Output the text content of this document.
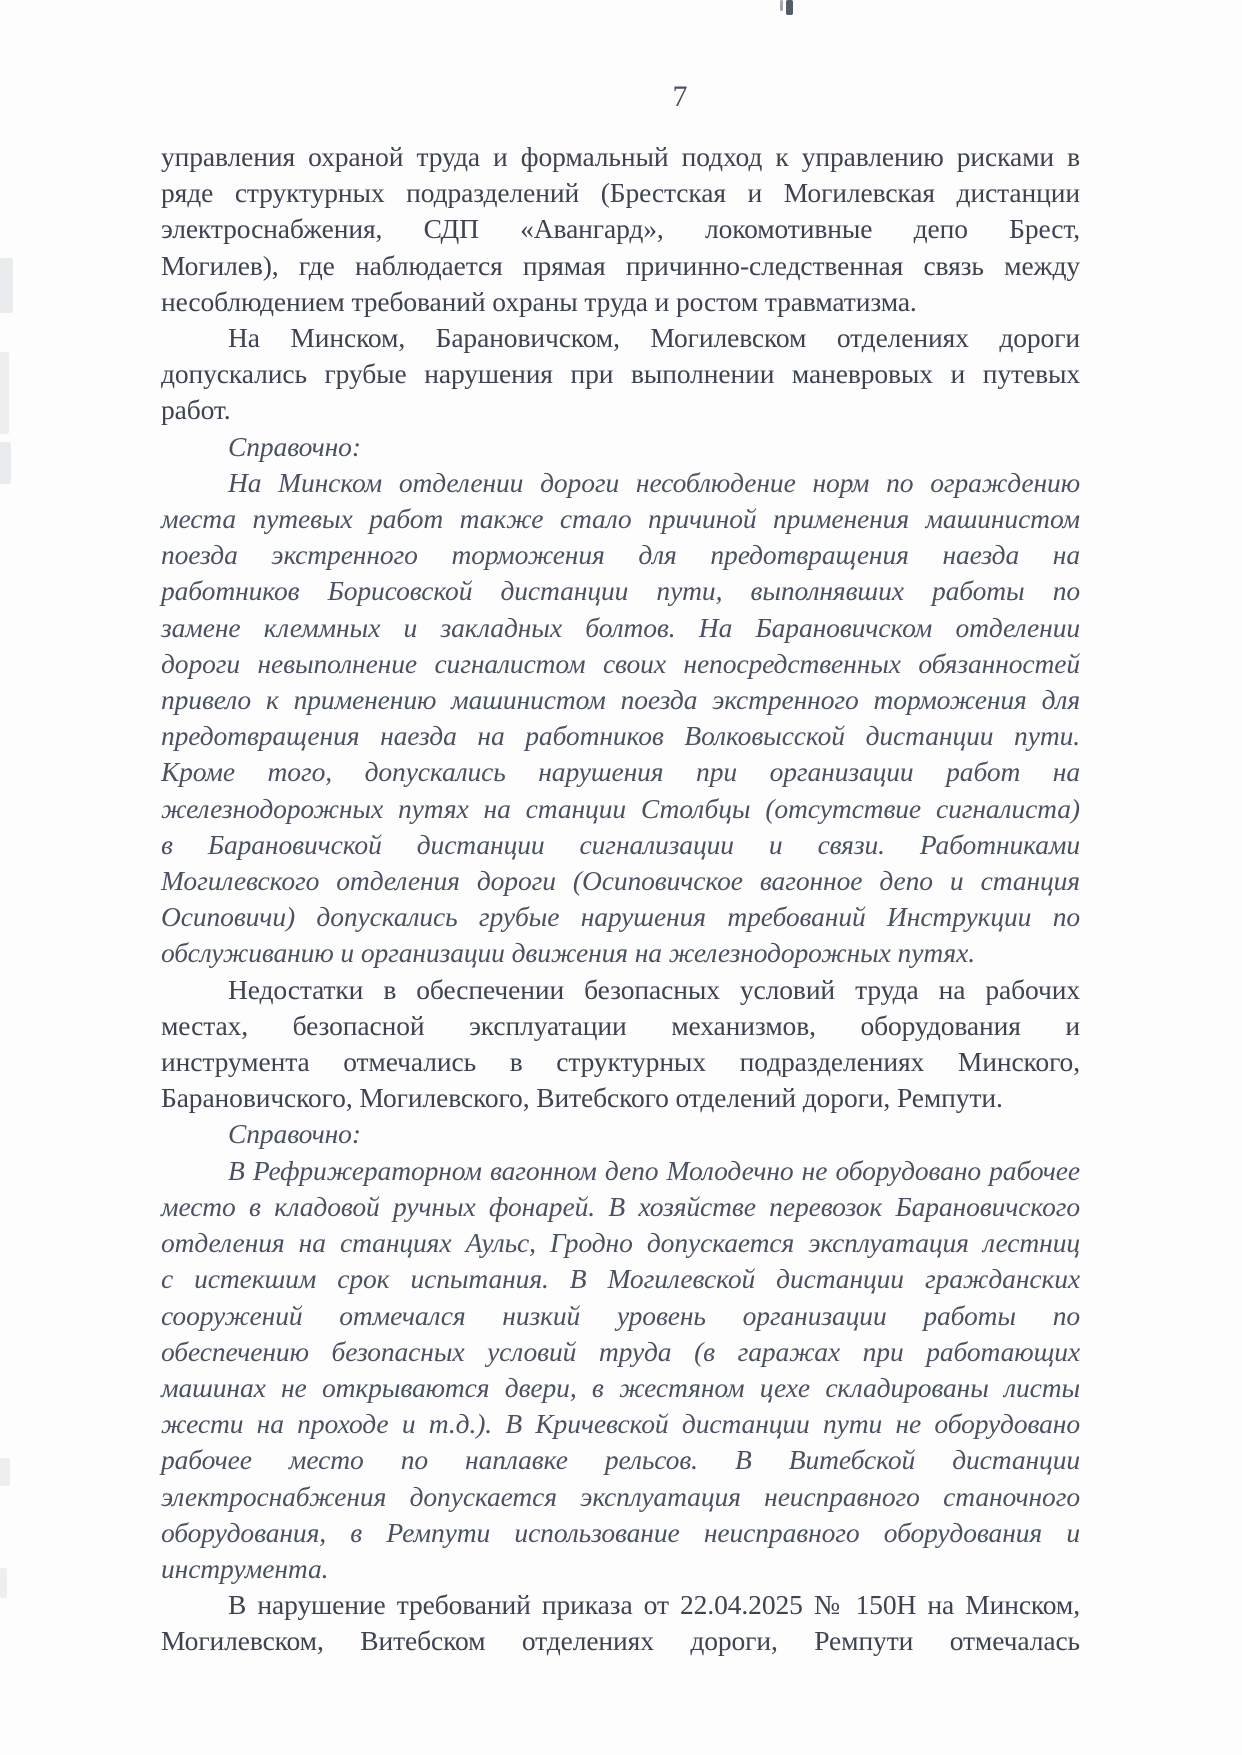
7
управления охраной труда и формальный подход к управлению рисками в
ряде структурных подразделений (Брестская и Могилевская дистанции
электроснабжения, СДП «Авангард», локомотивные депо Брест,
Могилев), где наблюдается прямая причинно-следственная связь между
несоблюдением требований охраны труда и ростом травматизма.
На Минском, Барановичском, Могилевском отделениях дороги
допускались грубые нарушения при выполнении маневровых и путевых
работ.
Справочно:
На Минском отделении дороги несоблюдение норм по ограждению
места путевых работ также стало причиной применения машинистом
поезда экстренного торможения для предотвращения наезда на
работников Борисовской дистанции пути, выполнявших работы по
замене клеммных и закладных болтов. На Барановичском отделении
дороги невыполнение сигналистом своих непосредственных обязанностей
привело к применению машинистом поезда экстренного торможения для
предотвращения наезда на работников Волковысской дистанции пути.
Кроме того, допускались нарушения при организации работ на
железнодорожных путях на станции Столбцы (отсутствие сигналиста)
в Барановичской дистанции сигнализации и связи. Работниками
Могилевского отделения дороги (Осиповичское вагонное депо и станция
Осиповичи) допускались грубые нарушения требований Инструкции по
обслуживанию и организации движения на железнодорожных путях.
Недостатки в обеспечении безопасных условий труда на рабочих
местах, безопасной эксплуатации механизмов, оборудования и
инструмента отмечались в структурных подразделениях Минского,
Барановичского, Могилевского, Витебского отделений дороги, Ремпути.
Справочно:
В Рефрижераторном вагонном депо Молодечно не оборудовано рабочее
место в кладовой ручных фонарей. В хозяйстве перевозок Барановичского
отделения на станциях Аульс, Гродно допускается эксплуатация лестниц
с истекшим срок испытания. В Могилевской дистанции гражданских
сооружений отмечался низкий уровень организации работы по
обеспечению безопасных условий труда (в гаражах при работающих
машинах не открываются двери, в жестяном цехе складированы листы
жести на проходе и т.д.). В Кричевской дистанции пути не оборудовано
рабочее место по наплавке рельсов. В Витебской дистанции
электроснабжения допускается эксплуатация неисправного станочного
оборудования, в Ремпути использование неисправного оборудования и
инструмента.
В нарушение требований приказа от 22.04.2025 № 150Н на Минском,
Могилевском, Витебском отделениях дороги, Ремпути отмечалась
